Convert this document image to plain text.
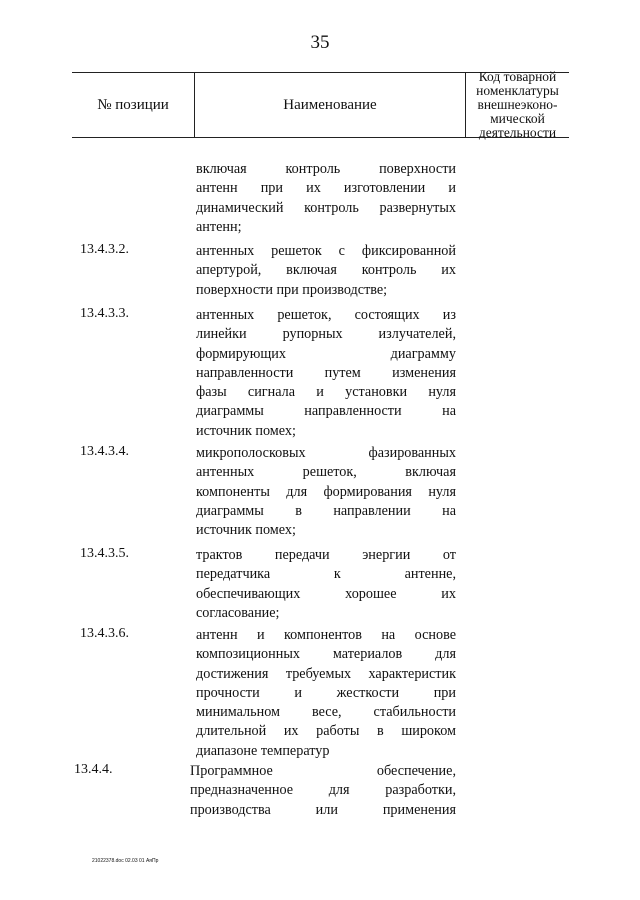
35
№ позиции	Наименование
Код товарной
номенклатуры
внешнеэконо-
мической
деятельности
включая контроль поверхности
антенн при их изготовлении и
динамический контроль развернутых
антенн;
13.4.3.2.	антенных решеток с фиксированной
апертурой, включая контроль их
поверхности при производстве;
13.4.3.3.	антенных решеток, состоящих из
линейки рупорных излучателей,
формирующих диаграмму
направленности путем изменения
фазы сигнала и установки нуля
диаграммы направленности на
источник помех;
13.4.3.4.	микрополосковых фазированных
антенных решеток, включая
компоненты для формирования нуля
диаграммы в направлении на
источник помех;
13.4.3.5.	трактов передачи энергии от
передатчика к антенне,
обеспечивающих хорошее их
согласование;
13.4.3.6.	антенн и компонентов на основе
композиционных материалов для
достижения требуемых характеристик
прочности и жесткости при
минимальном весе, стабильности
длительной их работы в широком
диапазоне температур
13.4.4.	Программное обеспечение,
предназначенное для разработки,
производства или применения
21022378.doc 02.03 01 АяПр
